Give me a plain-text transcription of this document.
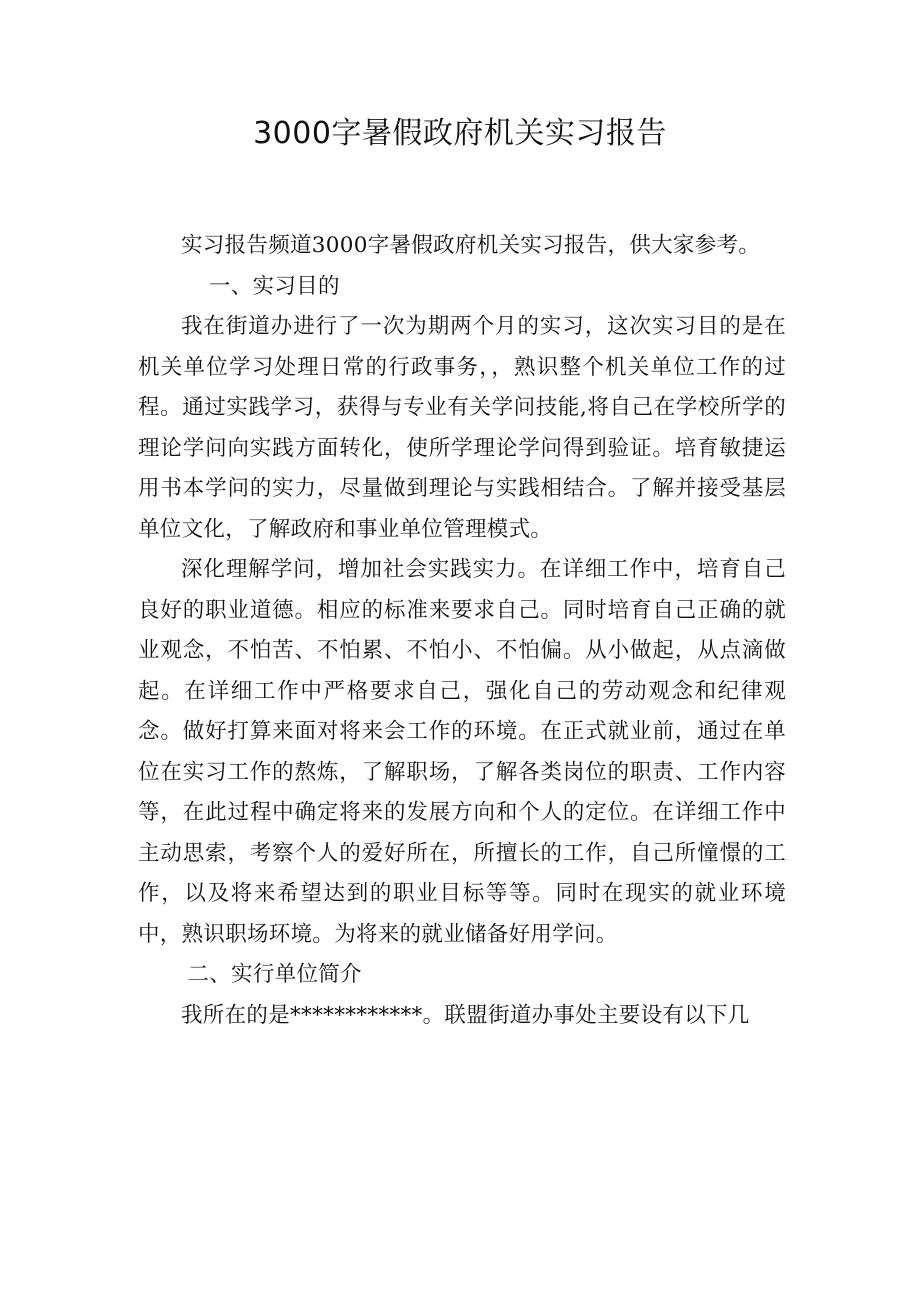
3000字暑假政府机关实习报告

实习报告频道3000字暑假政府机关实习报告，供大家参考。

一、实习目的

我在街道办进行了一次为期两个月的实习，这次实习目的是在机关单位学习处理日常的行政事务，，熟识整个机关单位工作的过程。通过实践学习，获得与专业有关学问技能,将自己在学校所学的理论学问向实践方面转化，使所学理论学问得到验证。培育敏捷运用书本学问的实力，尽量做到理论与实践相结合。了解并接受基层单位文化，了解政府和事业单位管理模式。

深化理解学问，增加社会实践实力。在详细工作中，培育自己良好的职业道德。相应的标准来要求自己。同时培育自己正确的就业观念，不怕苦、不怕累、不怕小、不怕偏。从小做起，从点滴做起。在详细工作中严格要求自己，强化自己的劳动观念和纪律观念。做好打算来面对将来会工作的环境。在正式就业前，通过在单位在实习工作的熬炼，了解职场，了解各类岗位的职责、工作内容等，在此过程中确定将来的发展方向和个人的定位。在详细工作中主动思索，考察个人的爱好所在，所擅长的工作，自己所憧憬的工作，以及将来希望达到的职业目标等等。同时在现实的就业环境中，熟识职场环境。为将来的就业储备好用学问。

二、实行单位简介

我所在的是************。联盟街道办事处主要设有以下几
